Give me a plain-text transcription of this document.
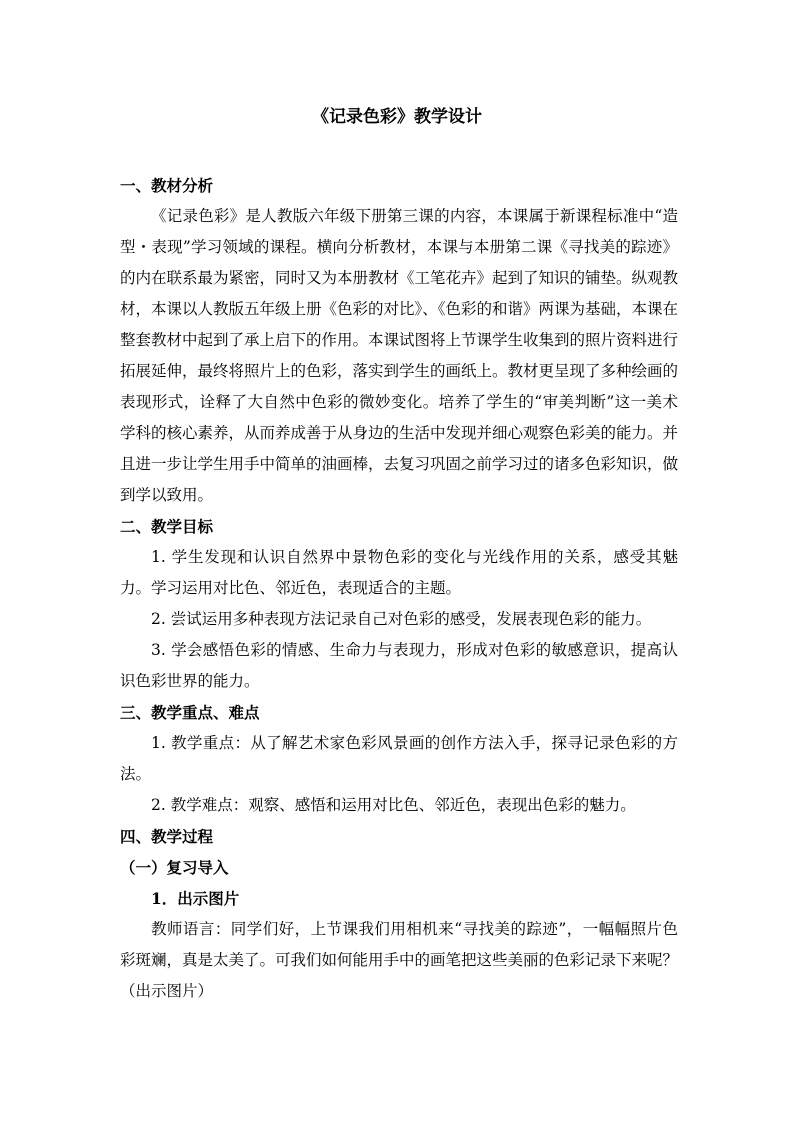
《记录色彩》教学设计
一、教材分析

《记录色彩》是人教版六年级下册第三课的内容，本课属于新课程标准中“造型・表现”学习领域的课程。横向分析教材，本课与本册第二课《寻找美的踪迹》的内在联系最为紧密，同时又为本册教材《工笔花卉》起到了知识的铺垫。纵观教材，本课以人教版五年级上册《色彩的对比》、《色彩的和谐》两课为基础，本课在整套教材中起到了承上启下的作用。本课试图将上节课学生收集到的照片资料进行拓展延伸，最终将照片上的色彩，落实到学生的画纸上。教材更呈现了多种绘画的表现形式，诠释了大自然中色彩的微妙变化。培养了学生的“审美判断”这一美术学科的核心素养，从而养成善于从身边的生活中发现并细心观察色彩美的能力。并且进一步让学生用手中简单的油画棒，去复习巩固之前学习过的诸多色彩知识，做到学以致用。

二、教学目标

1. 学生发现和认识自然界中景物色彩的变化与光线作用的关系，感受其魅力。学习运用对比色、邻近色，表现适合的主题。

2. 尝试运用多种表现方法记录自己对色彩的感受，发展表现色彩的能力。

3. 学会感悟色彩的情感、生命力与表现力，形成对色彩的敏感意识，提高认识色彩世界的能力。

三、教学重点、难点

1. 教学重点：从了解艺术家色彩风景画的创作方法入手，探寻记录色彩的方法。

2. 教学难点：观察、感悟和运用对比色、邻近色，表现出色彩的魅力。

四、教学过程
（一）复习导入
1．出示图片

教师语言：同学们好，上节课我们用相机来“寻找美的踪迹”，一幅幅照片色彩斑斓，真是太美了。可我们如何能用手中的画笔把这些美丽的色彩记录下来呢？（出示图片）
